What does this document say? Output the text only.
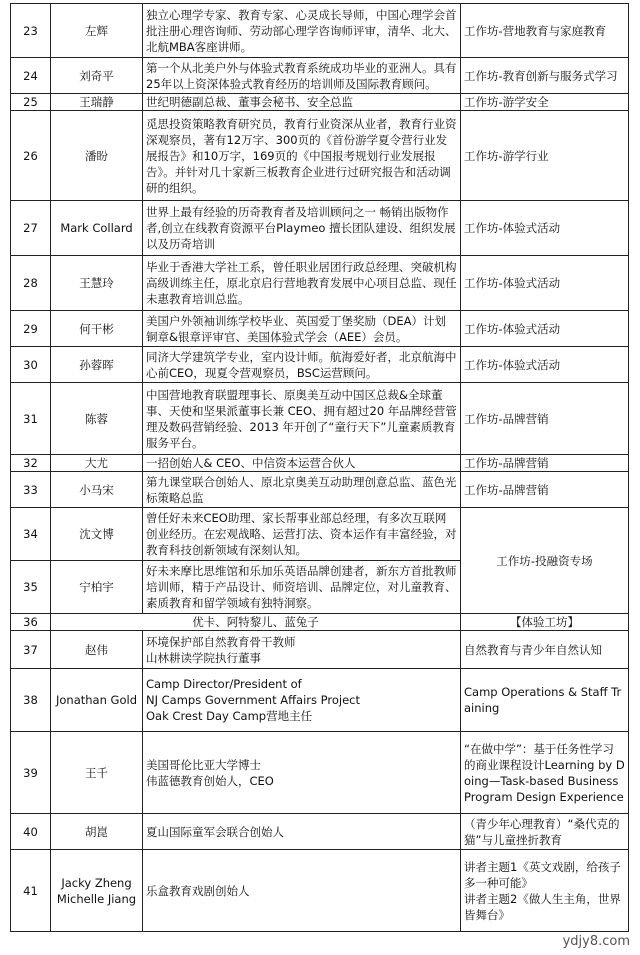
23	左辉	独立心理学专家、教育专家、心灵成长导师，中国心理学会首批注册心理咨询师、劳动部心理学咨询师评审，清华、北大、北航MBA客座讲师。	工作坊-营地教育与家庭教育
24	刘奇平	第一个从北美户外与体验式教育系统成功毕业的亚洲人。具有25年以上资深体验式教育经历的培训师及国际教育顾问。	工作坊-教育创新与服务式学习
25	王瑞静	世纪明德副总裁、董事会秘书、安全总监	工作坊-游学安全
26	潘盼	觅思投资策略教育研究员，教育行业资深从业者，教育行业资深观察员，著有12万字、300页的《首份游学夏令营行业发展报告》和10万字，169页的《中国报考规划行业发展报告》。并针对几十家新三板教育企业进行过研究报告和活动调研的组织。	工作坊-游学行业
27	Mark Collard	世界上最有经验的历奇教育者及培训顾问之一 畅销出版物作者,创立在线教育资源平台Playmeo 擅长团队建设、组织发展以及历奇培训	工作坊-体验式活动
28	王慧玲	毕业于香港大学社工系，曾任职业居团行政总经理、突破机构高级训练主任，原北京启行营地教育发展中心项目总监、现任未惠教育培训总监。	工作坊-体验式活动
29	何干彬	美国户外领袖训练学校毕业、英国爱丁堡奖励（DEA）计划铜章&银章评审官、美国体验式学会（AEE）会员。	工作坊-体验式活动
30	孙蓉晖	同济大学建筑学专业，室内设计师。航海爱好者，北京航海中心前CEO，现夏令营观察员，BSC运营顾问。	工作坊-体验式活动
31	陈蓉	中国营地教育联盟理事长、原奥美互动中国区总裁&全球董事、天使和坚果派董事长兼 CEO、拥有超过20 年品牌经营管理及数码营销经验、2013 年开创了“童行天下”儿童素质教育服务平台。	工作坊-品牌营销
32	大尤	一招创始人& CEO、中信资本运营合伙人	工作坊-品牌营销
33	小马宋	第九课堂联合创始人、原北京奥美互动助理创意总监、蓝色光标策略总监	工作坊-品牌营销
34	沈文博	曾任好未来CEO助理、家长帮事业部总经理，有多次互联网创业经历。在宏观战略、运营打法、资本运作有丰富经验，对教育科技创新领域有深刻认知。	工作坊-投融资专场
35	宁柏宇	好未来摩比思维馆和乐加乐英语品牌创建者，新东方首批教师培训师，精于产品设计、师资培训、品牌定位，对儿童教育、素质教育和留学领域有独特洞察。	
36	优卡、阿特黎儿、蓝兔子		【体验工坊】
37	赵伟	环境保护部自然教育骨干教师
山林耕读学院执行董事	自然教育与青少年自然认知
38	Jonathan Gold	Camp Director/President of
NJ Camps Government Affairs Project
Oak Crest Day Camp营地主任	Camp Operations & Staff Training
39	王千	美国哥伦比亚大学博士
伟蓝德教育创始人，CEO	“在做中学”：基于任务性学习的商业课程设计Learning by Doing—Task-based Business Program Design Experience
40	胡崑	夏山国际童军会联合创始人	（青少年心理教育）“桑代克的猫”与儿童挫折教育
41	Jacky Zheng
Michelle Jiang	乐盒教育戏剧创始人	讲者主题1《英文戏剧，给孩子多一种可能》
讲者主题2《做人生主角，世界皆舞台》
ydjy8.com
